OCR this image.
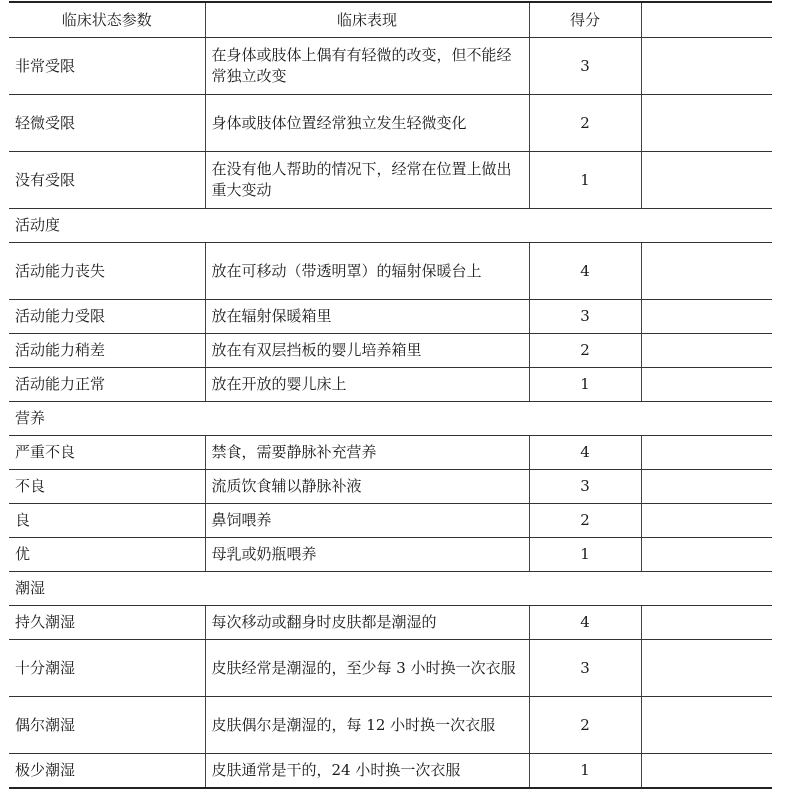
临床状态参数	临床表现	得分	
非常受限	在身体或肢体上偶有有轻微的改变，但不能经常独立改变	3	
轻微受限	身体或肢体位置经常独立发生轻微变化	2	
没有受限	在没有他人帮助的情况下，经常在位置上做出重大变动	1	
活动度			
活动能力丧失	放在可移动（带透明罩）的辐射保暖台上	4	
活动能力受限	放在辐射保暖箱里	3	
活动能力稍差	放在有双层挡板的婴儿培养箱里	2	
活动能力正常	放在开放的婴儿床上	1	
营养			
严重不良	禁食，需要静脉补充营养	4	
不良	流质饮食辅以静脉补液	3	
良	鼻饲喂养	2	
优	母乳或奶瓶喂养	1	
潮湿			
持久潮湿	每次移动或翻身时皮肤都是潮湿的	4	
十分潮湿	皮肤经常是潮湿的，至少每 3 小时换一次衣服	3	
偶尔潮湿	皮肤偶尔是潮湿的，每 12 小时换一次衣服	2	
极少潮湿	皮肤通常是干的，24 小时换一次衣服	1	
